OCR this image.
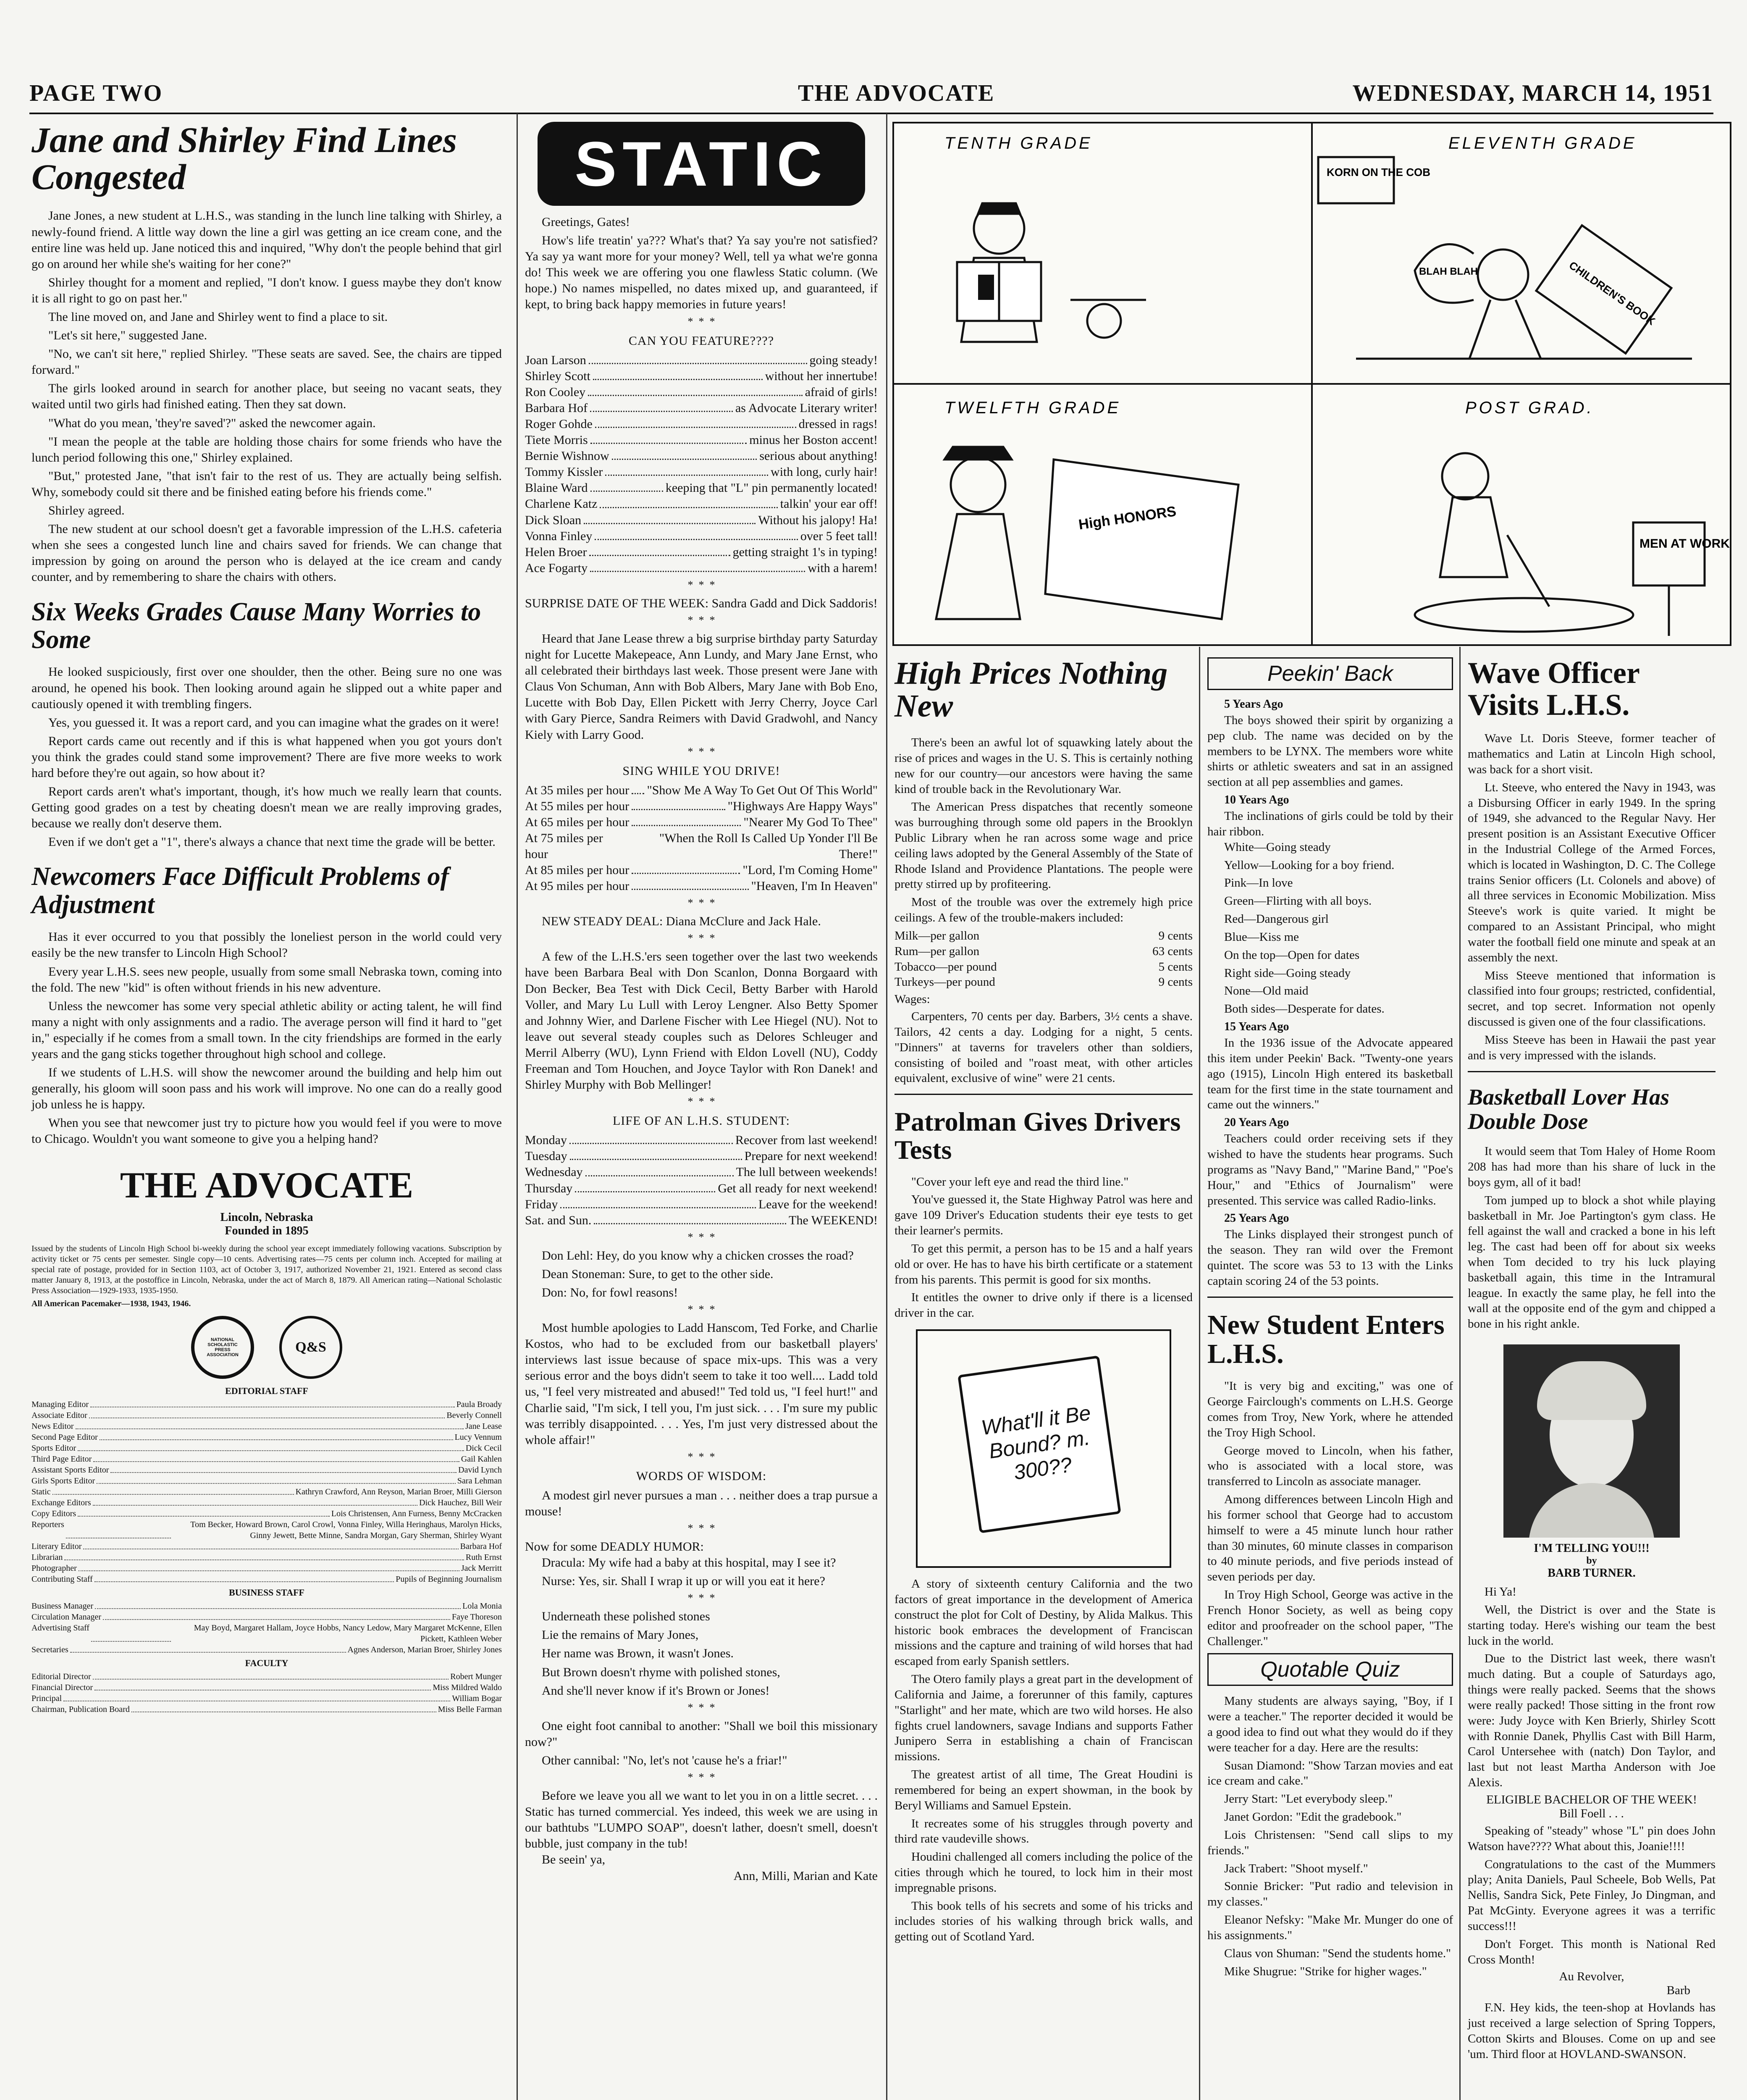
PAGE TWO	THE ADVOCATE	WEDNESDAY, MARCH 14, 1951
Jane and Shirley Find Lines Congested

Jane Jones, a new student at L.H.S., was standing in the lunch line talking with Shirley, a newly-found friend. A little way down the line a girl was getting an ice cream cone, and the entire line was held up. Jane noticed this and inquired, "Why don't the people behind that girl go on around her while she's waiting for her cone?"

Shirley thought for a moment and replied, "I don't know. I guess maybe they don't know it is all right to go on past her."

The line moved on, and Jane and Shirley went to find a place to sit.

"Let's sit here," suggested Jane.

"No, we can't sit here," replied Shirley. "These seats are saved. See, the chairs are tipped forward."

The girls looked around in search for another place, but seeing no vacant seats, they waited until two girls had finished eating. Then they sat down.

"What do you mean, 'they're saved'?" asked the newcomer again.

"I mean the people at the table are holding those chairs for some friends who have the lunch period following this one," Shirley explained.

"But," protested Jane, "that isn't fair to the rest of us. They are actually being selfish. Why, somebody could sit there and be finished eating before his friends come."

Shirley agreed.

The new student at our school doesn't get a favorable impression of the L.H.S. cafeteria when she sees a congested lunch line and chairs saved for friends. We can change that impression by going on around the person who is delayed at the ice cream and candy counter, and by remembering to share the chairs with others.

Six Weeks Grades Cause Many Worries to Some

He looked suspiciously, first over one shoulder, then the other. Being sure no one was around, he opened his book. Then looking around again he slipped out a white paper and cautiously opened it with trembling fingers.

Yes, you guessed it. It was a report card, and you can imagine what the grades on it were!

Report cards came out recently and if this is what happened when you got yours don't you think the grades could stand some improvement? There are five more weeks to work hard before they're out again, so how about it?

Report cards aren't what's important, though, it's how much we really learn that counts. Getting good grades on a test by cheating doesn't mean we are really improving grades, because we really don't deserve them.

Even if we don't get a "1", there's always a chance that next time the grade will be better.

Newcomers Face Difficult Problems of Adjustment

Has it ever occurred to you that possibly the loneliest person in the world could very easily be the new transfer to Lincoln High School?

Every year L.H.S. sees new people, usually from some small Nebraska town, coming into the fold. The new "kid" is often without friends in his new adventure.

Unless the newcomer has some very special athletic ability or acting talent, he will find many a night with only assignments and a radio. The average person will find it hard to "get in," especially if he comes from a small town. In the city friendships are formed in the early years and the gang sticks together throughout high school and college.

If we students of L.H.S. will show the newcomer around the building and help him out generally, his gloom will soon pass and his work will improve. No one can do a really good job unless he is happy.

When you see that newcomer just try to picture how you would feel if you were to move to Chicago. Wouldn't you want someone to give you a helping hand?

THE ADVOCATE
Lincoln, Nebraska
Founded in 1895
Issued by the students of Lincoln High School bi-weekly during the school year except immediately following vacations. Subscription by activity ticket or 75 cents per semester. Single copy—10 cents. Advertising rates—75 cents per column inch. Accepted for mailing at special rate of postage, provided for in Section 1103, act of October 3, 1917, authorized November 21, 1921. Entered as second class matter January 8, 1913, at the postoffice in Lincoln, Nebraska, under the act of March 8, 1879. All American rating—National Scholastic Press Association—1929-1933, 1935-1950.
All American Pacemaker—1938, 1943, 1946.
NATIONAL SCHOLASTIC PRESS ASSOCIATION	Q&S
EDITORIAL STAFF
Managing Editor	Paula Broady
Associate Editor	Beverly Connell
News Editor	Jane Lease
Second Page Editor	Lucy Vennum
Sports Editor	Dick Cecil
Third Page Editor	Gail Kahlen
Assistant Sports Editor	David Lynch
Girls Sports Editor	Sara Lehman
Static	Kathryn Crawford, Ann Reyson, Marian Broer, Milli Gierson
Exchange Editors	Dick Hauchez, Bill Weir
Copy Editors	Lois Christensen, Ann Furness, Benny McCracken
Reporters	Tom Becker, Howard Brown, Carol Crowl, Vonna Finley, Willa Heringhaus, Marolyn Hicks, Ginny Jewett, Bette Minne, Sandra Morgan, Gary Sherman, Shirley Wyant
Literary Editor	Barbara Hof
Librarian	Ruth Ernst
Photographer	Jack Merritt
Contributing Staff	Pupils of Beginning Journalism
BUSINESS STAFF
Business Manager	Lola Monia
Circulation Manager	Faye Thoreson
Advertising Staff	May Boyd, Margaret Hallam, Joyce Hobbs, Nancy Ledow, Mary Margaret McKenne, Ellen Pickett, Kathleen Weber
Secretaries	Agnes Anderson, Marian Broer, Shirley Jones
FACULTY
Editorial Director	Robert Munger
Financial Director	Miss Mildred Waldo
Principal	William Bogar
Chairman, Publication Board	Miss Belle Farman
STATIC

Greetings, Gates!

How's life treatin' ya??? What's that? Ya say you're not satisfied? Ya say ya want more for your money? Well, tell ya what we're gonna do! This week we are offering you one flawless Static column. (We hope.) No names mispelled, no dates mixed up, and guaranteed, if kept, to bring back happy memories in future years!

*  *  *
CAN YOU FEATURE????
Joan Larson	going steady!
Shirley Scott	without her innertube!
Ron Cooley	afraid of girls!
Barbara Hof	as Advocate Literary writer!
Roger Gohde	dressed in rags!
Tiete Morris	minus her Boston accent!
Bernie Wishnow	serious about anything!
Tommy Kissler	with long, curly hair!
Blaine Ward	keeping that "L" pin permanently located!
Charlene Katz	talkin' your ear off!
Dick Sloan	Without his jalopy! Ha!
Vonna Finley	over 5 feet tall!
Helen Broer	getting straight 1's in typing!
Ace Fogarty	with a harem!
*  *  *

SURPRISE DATE OF THE WEEK: Sandra Gadd and Dick Saddoris!

*  *  *

Heard that Jane Lease threw a big surprise birthday party Saturday night for Lucette Makepeace, Ann Lundy, and Mary Jane Ernst, who all celebrated their birthdays last week. Those present were Jane with Claus Von Schuman, Ann with Bob Albers, Mary Jane with Bob Eno, Lucette with Bob Day, Ellen Pickett with Jerry Cherry, Joyce Carl with Gary Pierce, Sandra Reimers with David Gradwohl, and Nancy Kiely with Larry Good.

*  *  *
SING WHILE YOU DRIVE!
At 35 miles per hour "Show Me A Way To Get Out Of This World"
At 55 miles per hour	"Highways Are Happy Ways"
At 65 miles per hour	"Nearer My God To Thee"
At 75 miles per hour
"When the Roll Is Called Up Yonder I'll Be There!"
At 85 miles per hour	"Lord, I'm Coming Home"
At 95 miles per hour	"Heaven, I'm In Heaven"
*  *  *

NEW STEADY DEAL: Diana McClure and Jack Hale.

*  *  *

A few of the L.H.S.'ers seen together over the last two weekends have been Barbara Beal with Don Scanlon, Donna Borgaard with Don Becker, Bea Test with Dick Cecil, Betty Barber with Harold Voller, and Mary Lu Lull with Leroy Lengner. Also Betty Spomer and Johnny Wier, and Darlene Fischer with Lee Hiegel (NU). Not to leave out several steady couples such as Delores Schleuger and Merril Alberry (WU), Lynn Friend with Eldon Lovell (NU), Coddy Freeman and Tom Houchen, and Joyce Taylor with Ron Danek! and Shirley Murphy with Bob Mellinger!

*  *  *
LIFE OF AN L.H.S. STUDENT:
Monday	Recover from last weekend!
Tuesday	Prepare for next weekend!
Wednesday	The lull between weekends!
Thursday	Get all ready for next weekend!
Friday	Leave for the weekend!
Sat. and Sun.	The WEEKEND!
*  *  *

Don Lehl: Hey, do you know why a chicken crosses the road?

Dean Stoneman: Sure, to get to the other side.

Don: No, for fowl reasons!

*  *  *

Most humble apologies to Ladd Hanscom, Ted Forke, and Charlie Kostos, who had to be excluded from our basketball players' interviews last issue because of space mix-ups. This was a very serious error and the boys didn't seem to take it too well.... Ladd told us, "I feel very mistreated and abused!" Ted told us, "I feel hurt!" and Charlie said, "I'm sick, I tell you, I'm just sick. . . . I'm sure my public was terribly disappointed. . . . Yes, I'm just very distressed about the whole affair!"

*  *  *
WORDS OF WISDOM:

A modest girl never pursues a man . . . neither does a trap pursue a mouse!

*  *  *

Now for some DEADLY HUMOR:

Dracula: My wife had a baby at this hospital, may I see it?

Nurse: Yes, sir. Shall I wrap it up or will you eat it here?

*  *  *

Underneath these polished stones

Lie the remains of Mary Jones,

Her name was Brown, it wasn't Jones.

But Brown doesn't rhyme with polished stones,

And she'll never know if it's Brown or Jones!

*  *  *

One eight foot cannibal to another: "Shall we boil this missionary now?"

Other cannibal: "No, let's not 'cause he's a friar!"

*  *  *

Before we leave you all we want to let you in on a little secret. . . . Static has turned commercial. Yes indeed, this week we are using in our bathtubs "LUMPO SOAP", doesn't lather, doesn't smell, doesn't bubble, just company in the tub!

Be seein' ya,

Ann, Milli, Marian and Kate

TENTH GRADE	ELEVENTH GRADE
TWELFTH GRADE	POST GRAD.
KORN ON THE COB
CHILDREN'S BOOK
BLAH BLAH
High HONORS
MEN AT WORK
High Prices Nothing New

There's been an awful lot of squawking lately about the rise of prices and wages in the U. S. This is certainly nothing new for our country—our ancestors were having the same kind of trouble back in the Revolutionary War.

The American Press dispatches that recently someone was burroughing through some old papers in the Brooklyn Public Library when he ran across some wage and price ceiling laws adopted by the General Assembly of the State of Rhode Island and Providence Plantations. The people were pretty stirred up by profiteering.

Most of the trouble was over the extremely high price ceilings. A few of the trouble-makers included:

Milk—per gallon	9 cents
Rum—per gallon	63 cents
Tobacco—per pound	5 cents
Turkeys—per pound	9 cents

Wages:

Carpenters, 70 cents per day. Barbers, 3½ cents a shave. Tailors, 42 cents a day. Lodging for a night, 5 cents. "Dinners" at taverns for travelers other than soldiers, consisting of boiled and "roast meat, with other articles equivalent, exclusive of wine" were 21 cents.

Patrolman Gives Drivers Tests

"Cover your left eye and read the third line."

You've guessed it, the State Highway Patrol was here and gave 109 Driver's Education students their eye tests to get their learner's permits.

To get this permit, a person has to be 15 and a half years old or over. He has to have his birth certificate or a statement from his parents. This permit is good for six months.

It entitles the owner to drive only if there is a licensed driver in the car.

What'll it Be Bound? m. 300??

A story of sixteenth century California and the two factors of great importance in the development of America construct the plot for Colt of Destiny, by Alida Malkus. This historic book embraces the development of Franciscan missions and the capture and training of wild horses that had escaped from early Spanish settlers.

The Otero family plays a great part in the development of California and Jaime, a forerunner of this family, captures "Starlight" and her mate, which are two wild horses. He also fights cruel landowners, savage Indians and supports Father Junipero Serra in establishing a chain of Franciscan missions.

The greatest artist of all time, The Great Houdini is remembered for being an expert showman, in the book by Beryl Williams and Samuel Epstein.

It recreates some of his struggles through poverty and third rate vaudeville shows.

Houdini challenged all comers including the police of the cities through which he toured, to lock him in their most impregnable prisons.

This book tells of his secrets and some of his tricks and includes stories of his walking through brick walls, and getting out of Scotland Yard.

Peekin' Back
5 Years Ago

The boys showed their spirit by organizing a pep club. The name was decided on by the members to be LYNX. The members wore white shirts or athletic sweaters and sat in an assigned section at all pep assemblies and games.

10 Years Ago

The inclinations of girls could be told by their hair ribbon.

White—Going steady

Yellow—Looking for a boy friend.

Pink—In love

Green—Flirting with all boys.

Red—Dangerous girl

Blue—Kiss me

On the top—Open for dates

Right side—Going steady

None—Old maid

Both sides—Desperate for dates.

15 Years Ago

In the 1936 issue of the Advocate appeared this item under Peekin' Back. "Twenty-one years ago (1915), Lincoln High entered its basketball team for the first time in the state tournament and came out the winners."

20 Years Ago

Teachers could order receiving sets if they wished to have the students hear programs. Such programs as "Navy Band," "Marine Band," "Poe's Hour," and "Ethics of Journalism" were presented. This service was called Radio-links.

25 Years Ago

The Links displayed their strongest punch of the season. They ran wild over the Fremont quintet. The score was 53 to 13 with the Links captain scoring 24 of the 53 points.

New Student Enters L.H.S.

"It is very big and exciting," was one of George Fairclough's comments on L.H.S. George comes from Troy, New York, where he attended the Troy High School.

George moved to Lincoln, when his father, who is associated with a local store, was transferred to Lincoln as associate manager.

Among differences between Lincoln High and his former school that George had to accustom himself to were a 45 minute lunch hour rather than 30 minutes, 60 minute classes in comparison to 40 minute periods, and five periods instead of seven periods per day.

In Troy High School, George was active in the French Honor Society, as well as being copy editor and proofreader on the school paper, "The Challenger."

Quotable Quiz

Many students are always saying, "Boy, if I were a teacher." The reporter decided it would be a good idea to find out what they would do if they were teacher for a day. Here are the results:

Susan Diamond: "Show Tarzan movies and eat ice cream and cake."

Jerry Start: "Let everybody sleep."

Janet Gordon: "Edit the gradebook."

Lois Christensen: "Send call slips to my friends."

Jack Trabert: "Shoot myself."

Sonnie Bricker: "Put radio and television in my classes."

Eleanor Nefsky: "Make Mr. Munger do one of his assignments."

Claus von Shuman: "Send the students home."

Mike Shugrue: "Strike for higher wages."

Wave Officer Visits L.H.S.

Wave Lt. Doris Steeve, former teacher of mathematics and Latin at Lincoln High school, was back for a short visit.

Lt. Steeve, who entered the Navy in 1943, was a Disbursing Officer in early 1949. In the spring of 1949, she advanced to the Regular Navy. Her present position is an Assistant Executive Officer in the Industrial College of the Armed Forces, which is located in Washington, D. C. The College trains Senior officers (Lt. Colonels and above) of all three services in Economic Mobilization. Miss Steeve's work is quite varied. It might be compared to an Assistant Principal, who might water the football field one minute and speak at an assembly the next.

Miss Steeve mentioned that information is classified into four groups; restricted, confidential, secret, and top secret. Information not openly discussed is given one of the four classifications.

Miss Steeve has been in Hawaii the past year and is very impressed with the islands.

Basketball Lover Has Double Dose

It would seem that Tom Haley of Home Room 208 has had more than his share of luck in the boys gym, all of it bad!

Tom jumped up to block a shot while playing basketball in Mr. Joe Partington's gym class. He fell against the wall and cracked a bone in his left leg. The cast had been off for about six weeks when Tom decided to try his luck playing basketball again, this time in the Intramural league. In exactly the same play, he fell into the wall at the opposite end of the gym and chipped a bone in his right ankle.

I'M TELLING YOU!!!
by
BARB TURNER.

Hi Ya!

Well, the District is over and the State is starting today. Here's wishing our team the best luck in the world.

Due to the District last week, there wasn't much dating. But a couple of Saturdays ago, things were really packed. Seems that the shows were really packed! Those sitting in the front row were: Judy Joyce with Ken Brierly, Shirley Scott with Ronnie Danek, Phyllis Cast with Bill Harm, Carol Untersehee with (natch) Don Taylor, and last but not least Martha Anderson with Joe Alexis.

ELIGIBLE BACHELOR OF THE WEEK!
Bill Foell . . .

Speaking of "steady" whose "L" pin does John Watson have???? What about this, Joanie!!!!

Congratulations to the cast of the Mummers play; Anita Daniels, Paul Scheele, Bob Wells, Pat Nellis, Sandra Sick, Pete Finley, Jo Dingman, and Pat McGinty. Everyone agrees it was a terrific success!!!

Don't Forget. This month is National Red Cross Month!

Au Revolver,
Barb

F.N. Hey kids, the teen-shop at Hovlands has just received a large selection of Spring Toppers, Cotton Skirts and Blouses. Come on up and see 'um. Third floor at HOVLAND-SWANSON.
